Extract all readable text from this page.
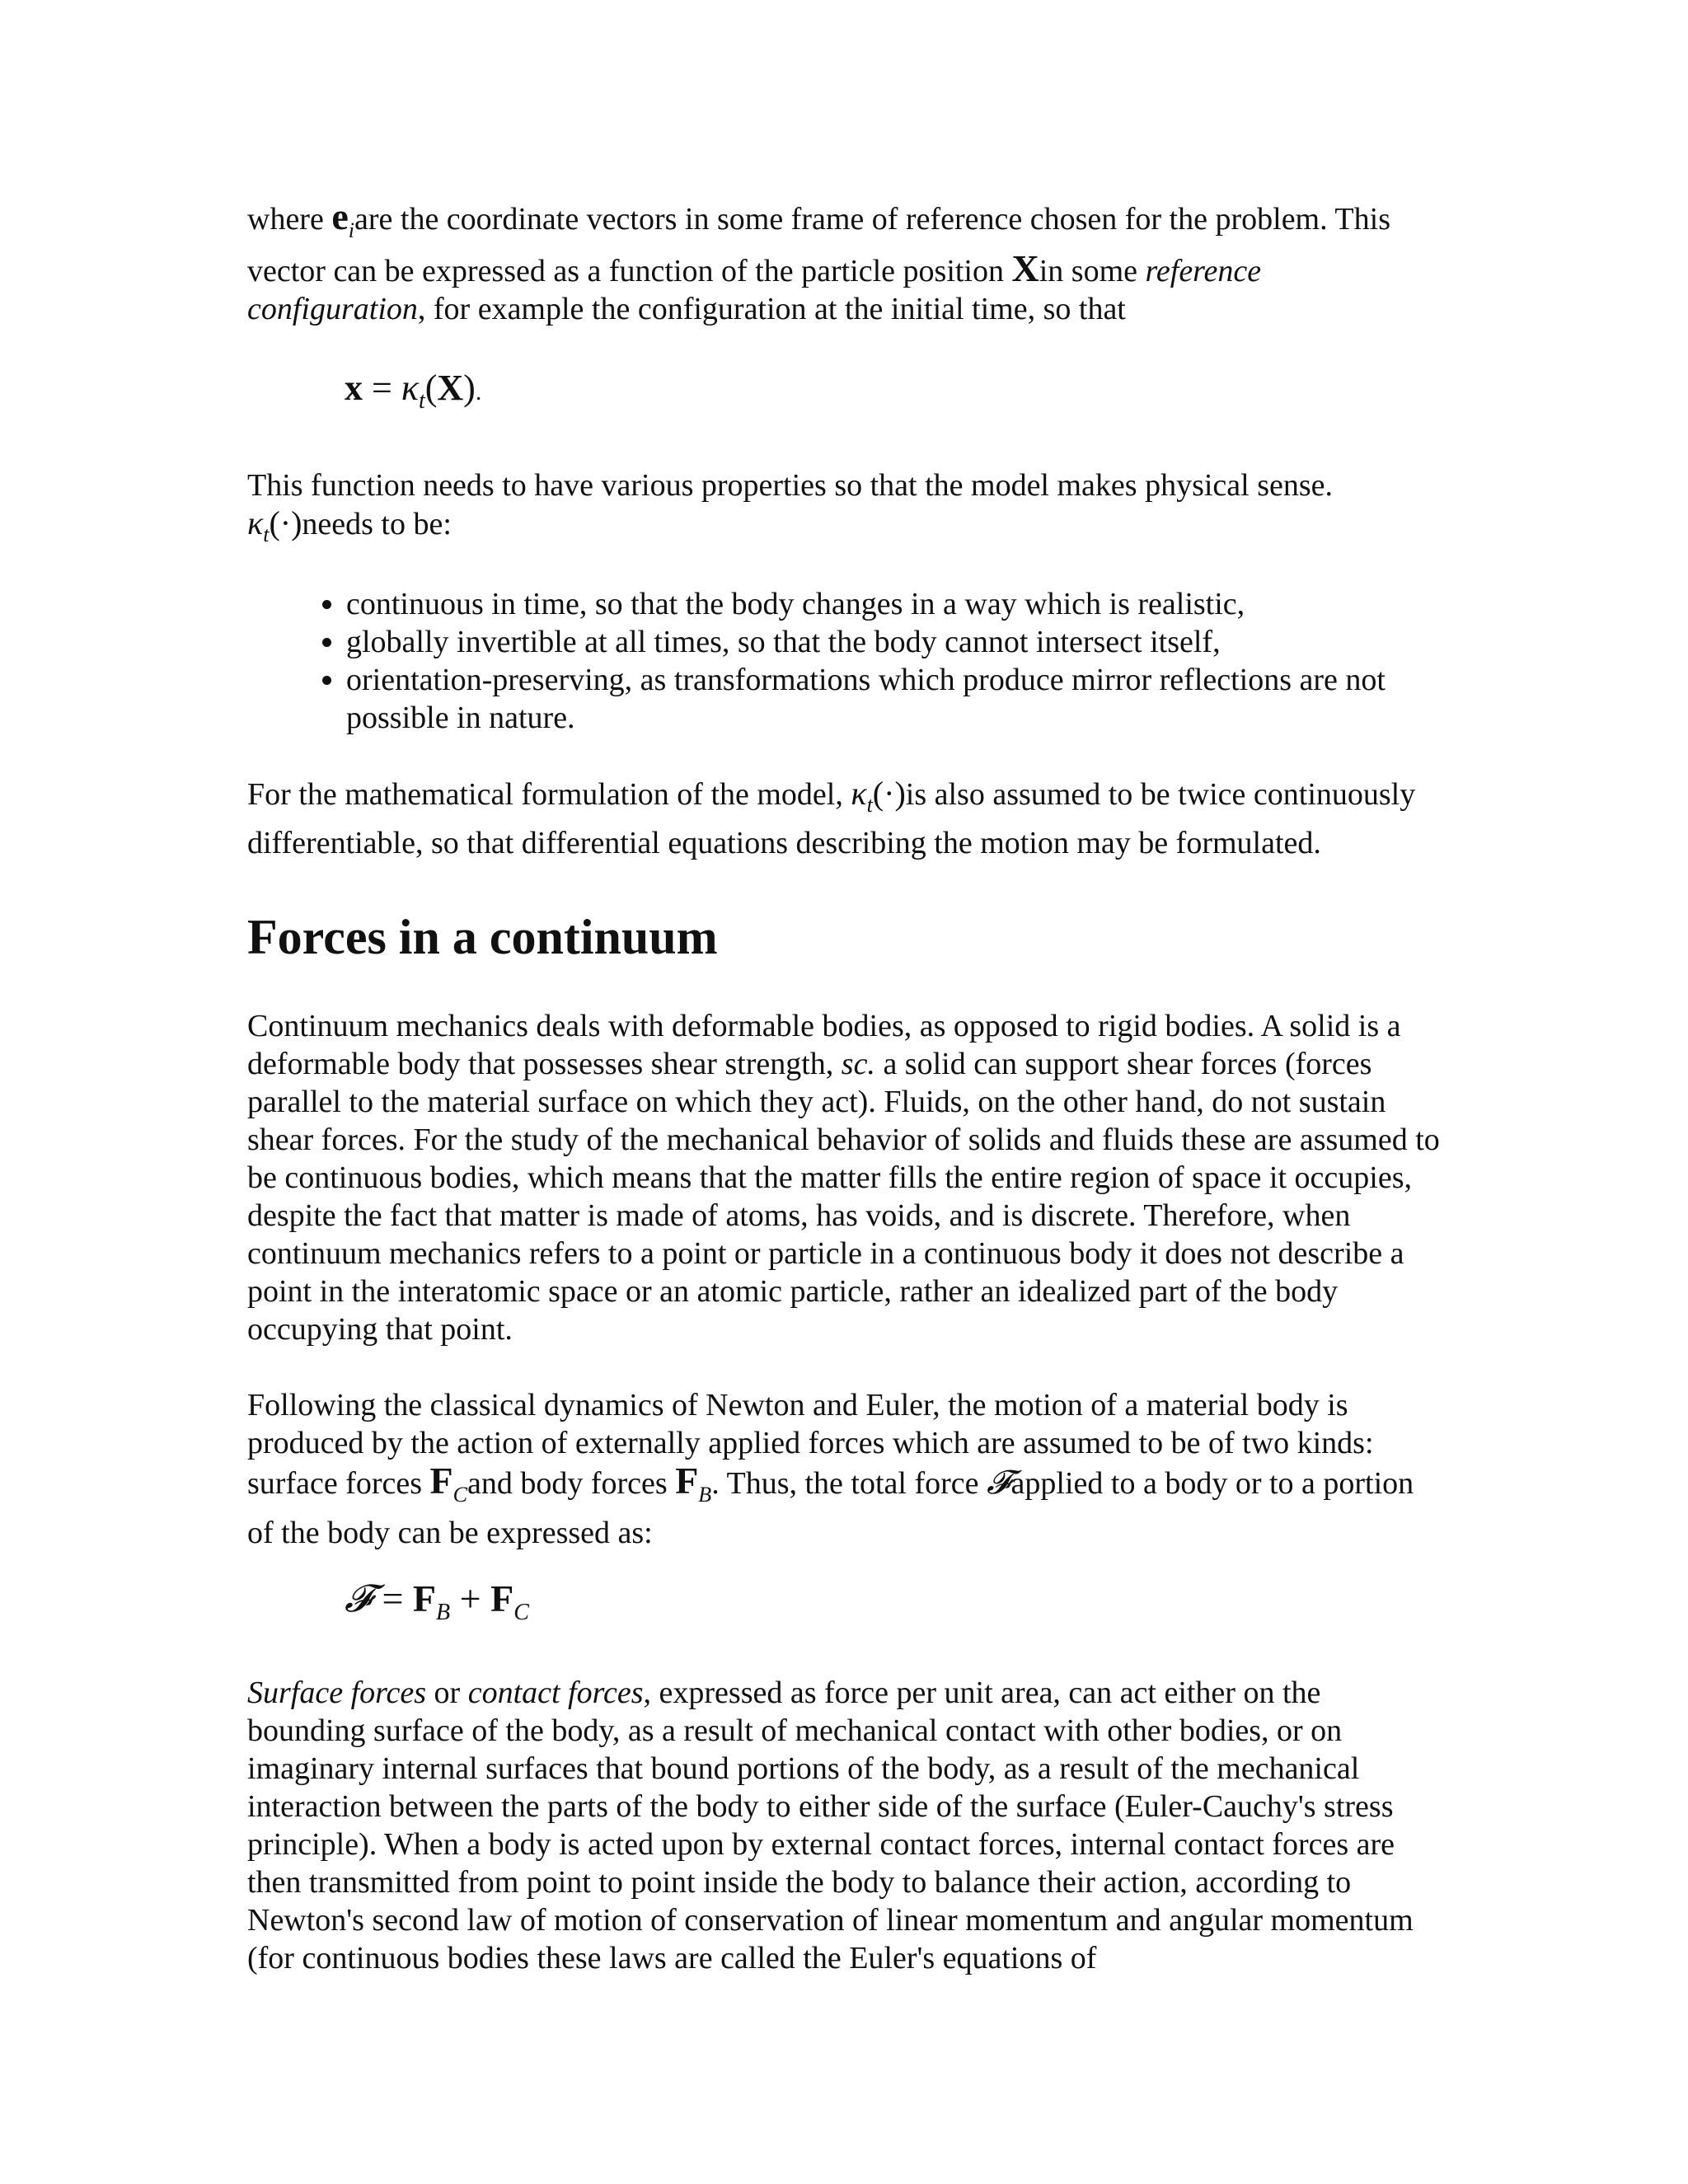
where $e_iare$ the coordinate vectors in some frame of reference chosen for the problem. This vector can be expressed as a function of the particle position Xin some reference configuration, for example the configuration at the initial time, so that

$x = \kappa_t(X)$.

This function needs to have various properties so that the model makes physical sense. $\kappa_t(\cdot)needs$ to be:

• continuous in time, so that the body changes in a way which is realistic,
• globally invertible at all times, so that the body cannot intersect itself,
• orientation-preserving, as transformations which produce mirror reflections are not possible in nature.

For the mathematical formulation of the model, $\kappa_t(\cdot)is$ also assumed to be twice continuously differentiable, so that differential equations describing the motion may be formulated.

Forces in a continuum

Continuum mechanics deals with deformable bodies, as opposed to rigid bodies. A solid is a deformable body that possesses shear strength, sc. a solid can support shear forces (forces parallel to the material surface on which they act). Fluids, on the other hand, do not sustain shear forces. For the study of the mechanical behavior of solids and fluids these are assumed to be continuous bodies, which means that the matter fills the entire region of space it occupies, despite the fact that matter is made of atoms, has voids, and is discrete. Therefore, when continuum mechanics refers to a point or particle in a continuous body it does not describe a point in the interatomic space or an atomic particle, rather an idealized part of the body occupying that point.

Following the classical dynamics of Newton and Euler, the motion of a material body is produced by the action of externally applied forces which are assumed to be of two kinds: surface forces $F_Cand$ body forces $F_B$. Thus, the total force 𝓕applied to a body or to a portion of the body can be expressed as:

𝓕 = $F_B + F_C$

Surface forces or contact forces, expressed as force per unit area, can act either on the bounding surface of the body, as a result of mechanical contact with other bodies, or on imaginary internal surfaces that bound portions of the body, as a result of the mechanical interaction between the parts of the body to either side of the surface (Euler-Cauchy's stress principle). When a body is acted upon by external contact forces, internal contact forces are then transmitted from point to point inside the body to balance their action, according to Newton's second law of motion of conservation of linear momentum and angular momentum (for continuous bodies these laws are called the Euler's equations of
